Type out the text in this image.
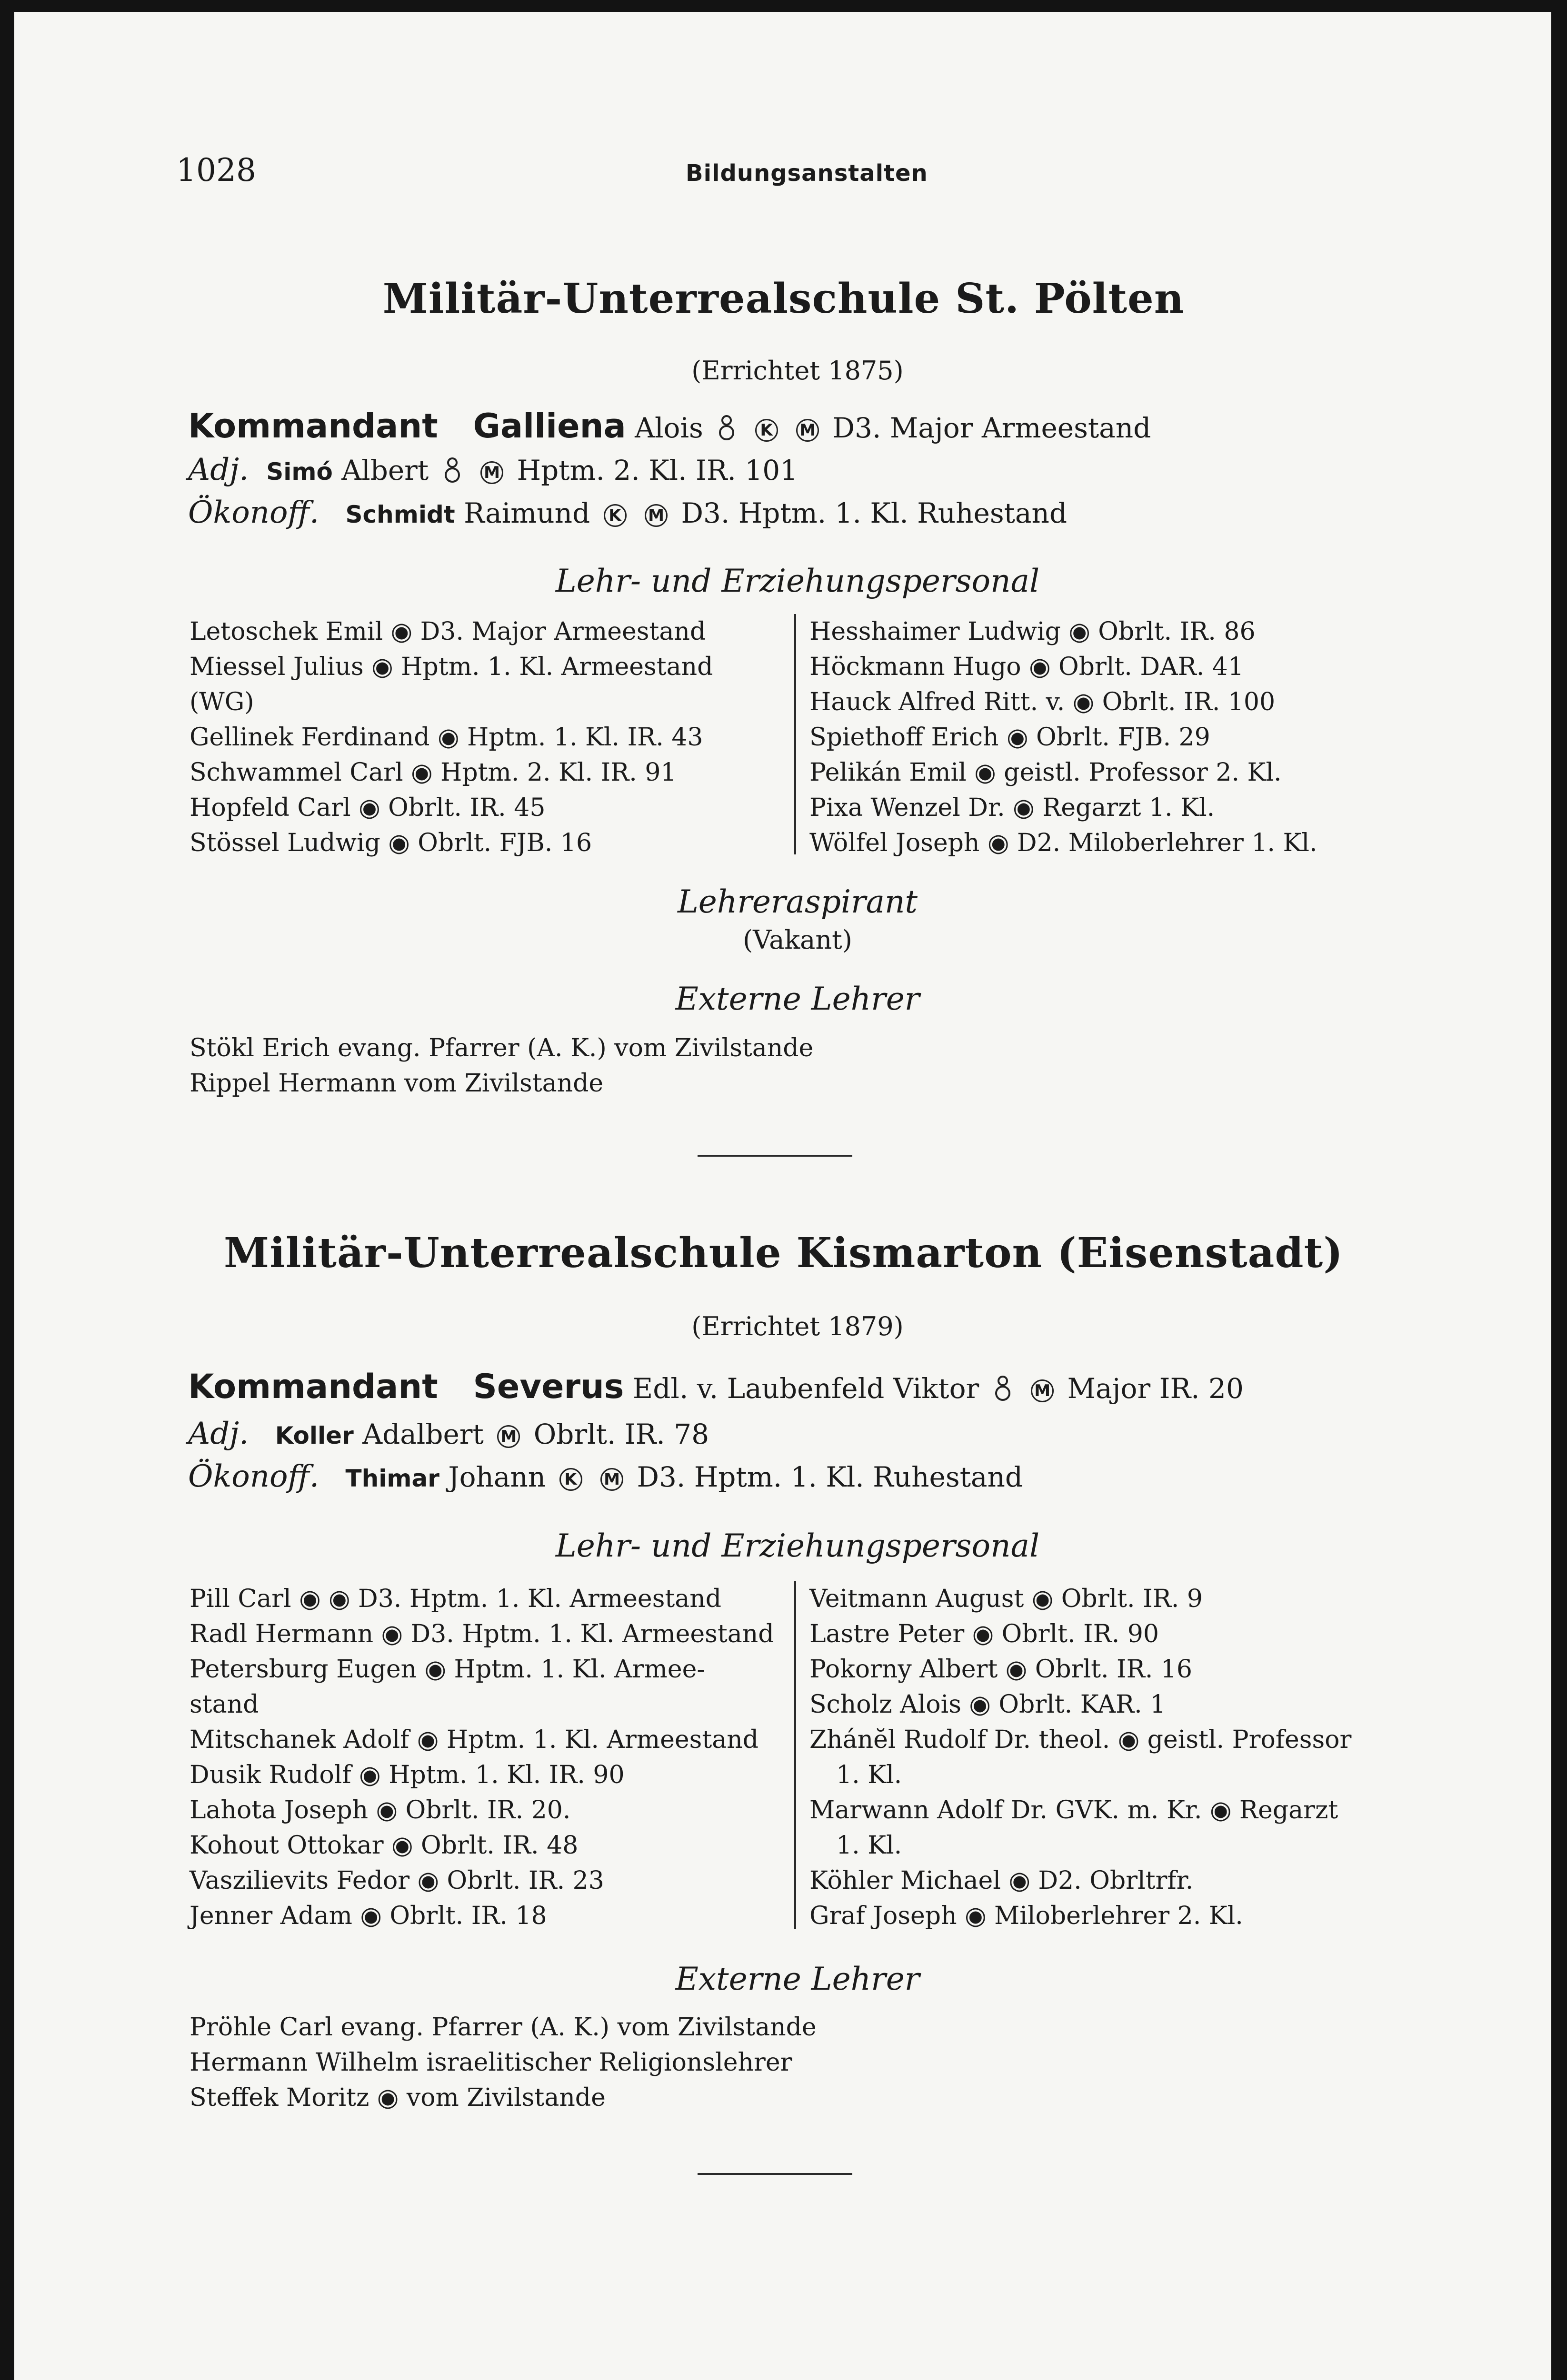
1028	Bildungsanstalten
Militär-Unterrealschule St. Pölten
(Errichtet 1875)
Kommandant Galliena Alois	K M D3. Major Armeestand
Adj. Simó Albert	M Hptm. 2. Kl. IR. 101
Ökonoff. Schmidt Raimund K M D3. Hptm. 1. Kl. Ruhestand
Lehr- und Erziehungspersonal
Letoschek Emil ◉ D3. Major Armeestand
Miessel Julius ◉ Hptm. 1. Kl. Armeestand
(WG)
Gellinek Ferdinand ◉ Hptm. 1. Kl. IR. 43
Schwammel Carl ◉ Hptm. 2. Kl. IR. 91
Hopfeld Carl ◉ Obrlt. IR. 45
Stössel Ludwig ◉ Obrlt. FJB. 16
Hesshaimer Ludwig ◉ Obrlt. IR. 86
Höckmann Hugo ◉ Obrlt. DAR. 41
Hauck Alfred Ritt. v. ◉ Obrlt. IR. 100
Spiethoff Erich ◉ Obrlt. FJB. 29
Pelikán Emil ◉ geistl. Professor 2. Kl.
Pixa Wenzel Dr. ◉ Regarzt 1. Kl.
Wölfel Joseph ◉ D2. Miloberlehrer 1. Kl.
Lehreraspirant
(Vakant)
Externe Lehrer
Stökl Erich evang. Pfarrer (A. K.) vom Zivilstande
Rippel Hermann vom Zivilstande
Militär-Unterrealschule Kismarton (Eisenstadt)
(Errichtet 1879)
Kommandant Severus Edl. v. Laubenfeld Viktor	M Major IR. 20
Adj. Koller Adalbert M Obrlt. IR. 78
Ökonoff. Thimar Johann K M D3. Hptm. 1. Kl. Ruhestand
Lehr- und Erziehungspersonal
Pill Carl ◉ ◉ D3. Hptm. 1. Kl. Armeestand
Radl Hermann ◉ D3. Hptm. 1. Kl. Armeestand
Petersburg Eugen ◉ Hptm. 1. Kl. Armee-
stand
Mitschanek Adolf ◉ Hptm. 1. Kl. Armeestand
Dusik Rudolf ◉ Hptm. 1. Kl. IR. 90
Lahota Joseph ◉ Obrlt. IR. 20.
Kohout Ottokar ◉ Obrlt. IR. 48
Vaszilievits Fedor ◉ Obrlt. IR. 23
Jenner Adam ◉ Obrlt. IR. 18
Veitmann August ◉ Obrlt. IR. 9
Lastre Peter ◉ Obrlt. IR. 90
Pokorny Albert ◉ Obrlt. IR. 16
Scholz Alois ◉ Obrlt. KAR. 1
Zhánĕl Rudolf Dr. theol. ◉ geistl. Professor
1. Kl.
Marwann Adolf Dr. GVK. m. Kr. ◉ Regarzt
1. Kl.
Köhler Michael ◉ D2. Obrltrfr.
Graf Joseph ◉ Miloberlehrer 2. Kl.
Externe Lehrer
Pröhle Carl evang. Pfarrer (A. K.) vom Zivilstande
Hermann Wilhelm israelitischer Religionslehrer
Steffek Moritz ◉ vom Zivilstande
